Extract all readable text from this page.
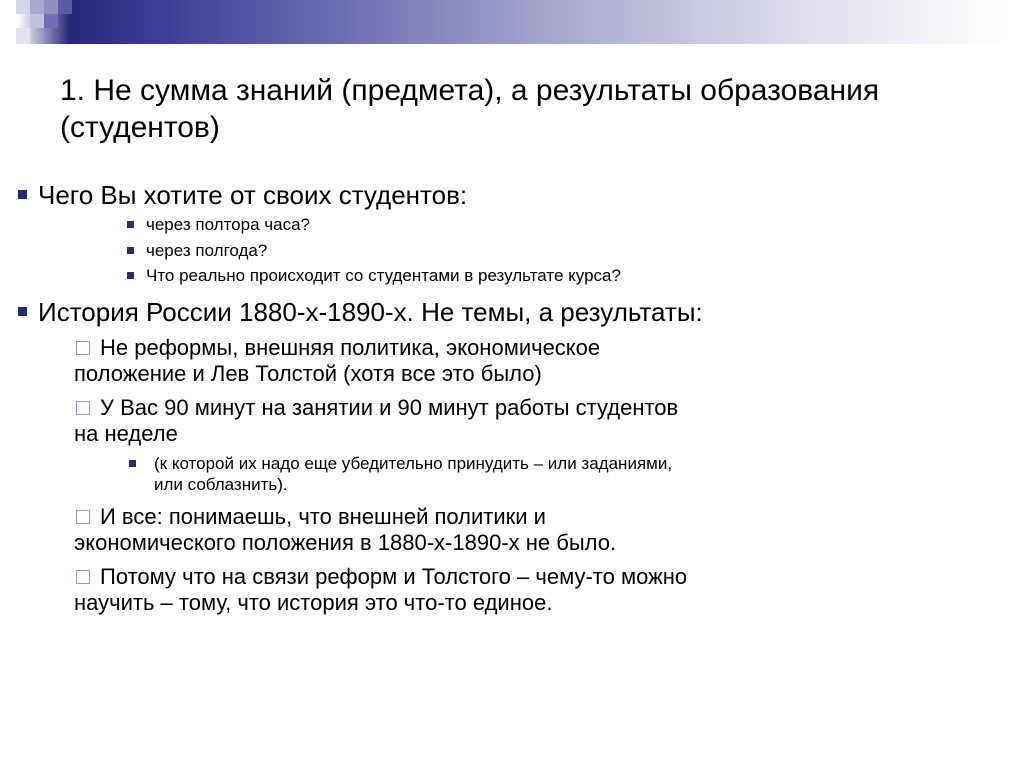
1. Не сумма знаний (предмета), а результаты образования (студентов)
Чего Вы хотите от своих студентов:
через полтора часа?
через полгода?
Что реально происходит со студентами в результате курса?
История России 1880-х-1890-х. Не темы, а результаты:
Не реформы, внешняя политика, экономическое
положение и Лев Толстой (хотя все это было)
У Вас 90 минут на занятии и 90 минут работы студентов
на неделе
(к которой их надо еще убедительно принудить – или заданиями,
или соблазнить).
И все: понимаешь, что внешней политики и
экономического положения в 1880-х-1890-х не было.
Потому что на связи реформ и Толстого – чему-то можно
научить – тому, что история это что-то единое.
